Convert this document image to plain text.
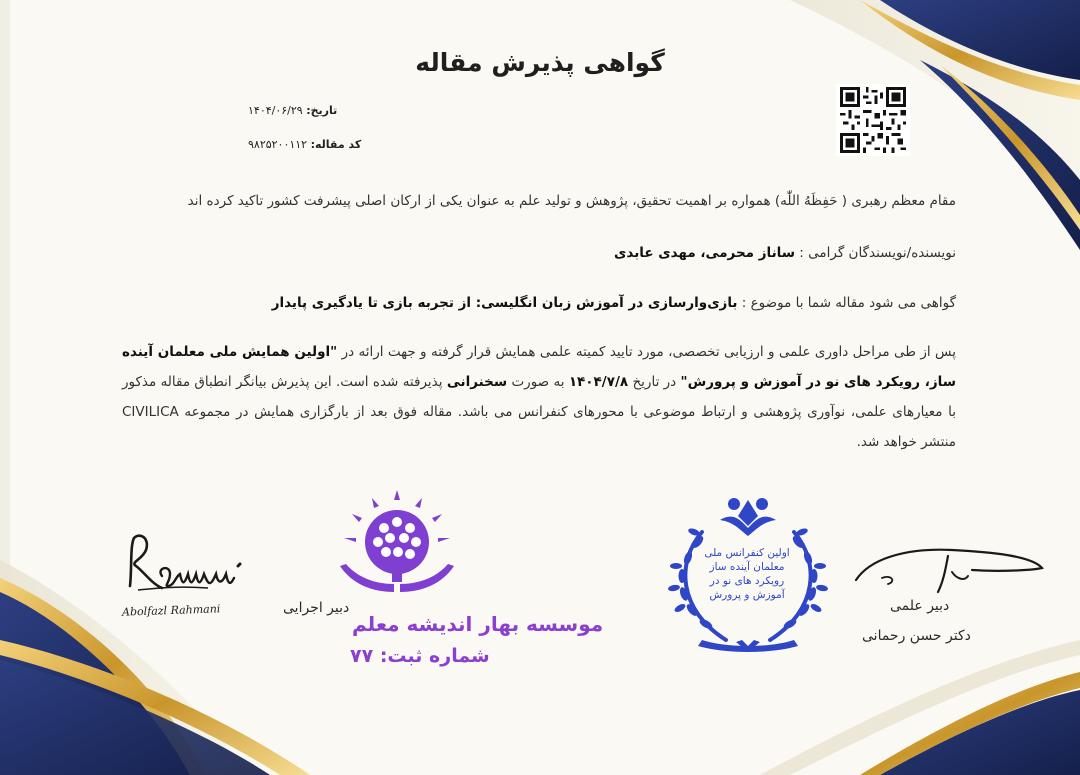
گواهی پذیرش مقاله
تاریخ: ۱۴۰۴/۰۶/۲۹
کد مقاله: ۹۸۲۵۲۰۰۱۱۲
مقام معظم رهبری ( حَفِظَهُ اللّٰه) همواره بر اهمیت تحقیق، پژوهش و تولید علم به عنوان یکی از ارکان اصلی پیشرفت کشور تاکید کرده اند
نویسنده/نویسندگان گرامی : ساناز محرمی، مهدی عابدی
گواهی می شود مقاله شما با موضوع : بازی‌وارسازی در آموزش زبان انگلیسی: از تجربه بازی تا یادگیری پایدار
پس از طی مراحل داوری علمی و ارزیابی تخصصی، مورد تایید کمیته علمی همایش قرار گرفته و جهت ارائه در "اولین همایش ملی معلمان آینده ساز، رویکرد های نو در آموزش و پرورش" در تاریخ ۱۴۰۴/۷/۸ به صورت سخنرانی پذیرفته شده است. این پذیرش بیانگر انطباق مقاله مذکور با معیارهای علمی، نوآوری پژوهشی و ارتباط موضوعی با محورهای کنفرانس می باشد. مقاله فوق بعد از بارگزاری همایش در مجموعه CIVILICA منتشر خواهد شد.
Abolfazl Rahmani	دبیر اجرایی
موسسه بهار اندیشه معلم
شماره ثبت: ۷۷
اولین کنفرانس ملی
معلمان آینده ساز
رویکرد های نو در
آموزش و پرورش
دبیر علمی
دکتر حسن رحمانی
